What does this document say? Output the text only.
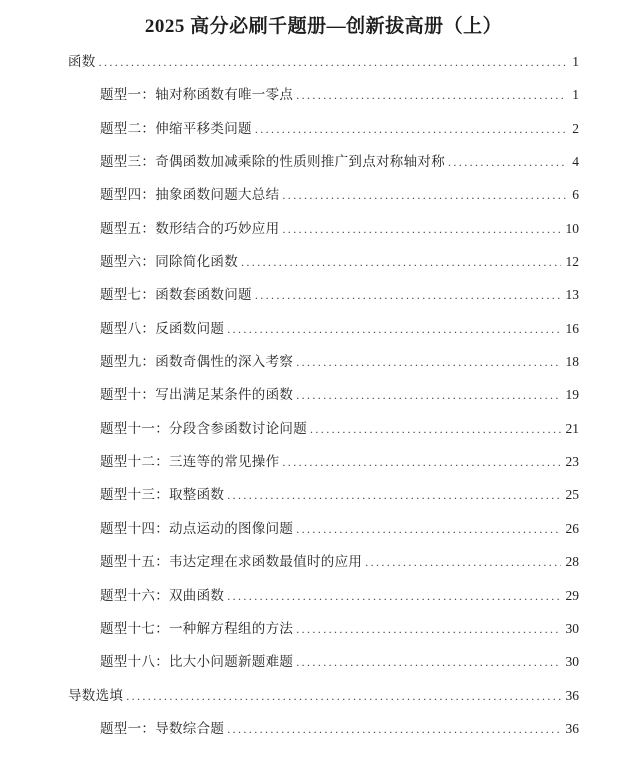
2025 高分必刷千题册—创新拔高册（上）
函数 .....	1
题型一：轴对称函数有唯一零点 .....	1
题型二：伸缩平移类问题 .....	2
题型三：奇偶函数加减乘除的性质则推广到点对称轴对称 .....	4
题型四：抽象函数问题大总结 .....	6
题型五：数形结合的巧妙应用 .....	10
题型六：同除简化函数 .....	12
题型七：函数套函数问题 .....	13
题型八：反函数问题 .....	16
题型九：函数奇偶性的深入考察 .....	18
题型十：写出满足某条件的函数 .....	19
题型十一：分段含参函数讨论问题 .....	21
题型十二：三连等的常见操作 .....	23
题型十三：取整函数 .....	25
题型十四：动点运动的图像问题 .....	26
题型十五：韦达定理在求函数最值时的应用 .....	28
题型十六：双曲函数 .....	29
题型十七：一种解方程组的方法 .....	30
题型十八：比大小问题新题难题 .....	30
导数选填 .....	36
题型一：导数综合题 .....	36
